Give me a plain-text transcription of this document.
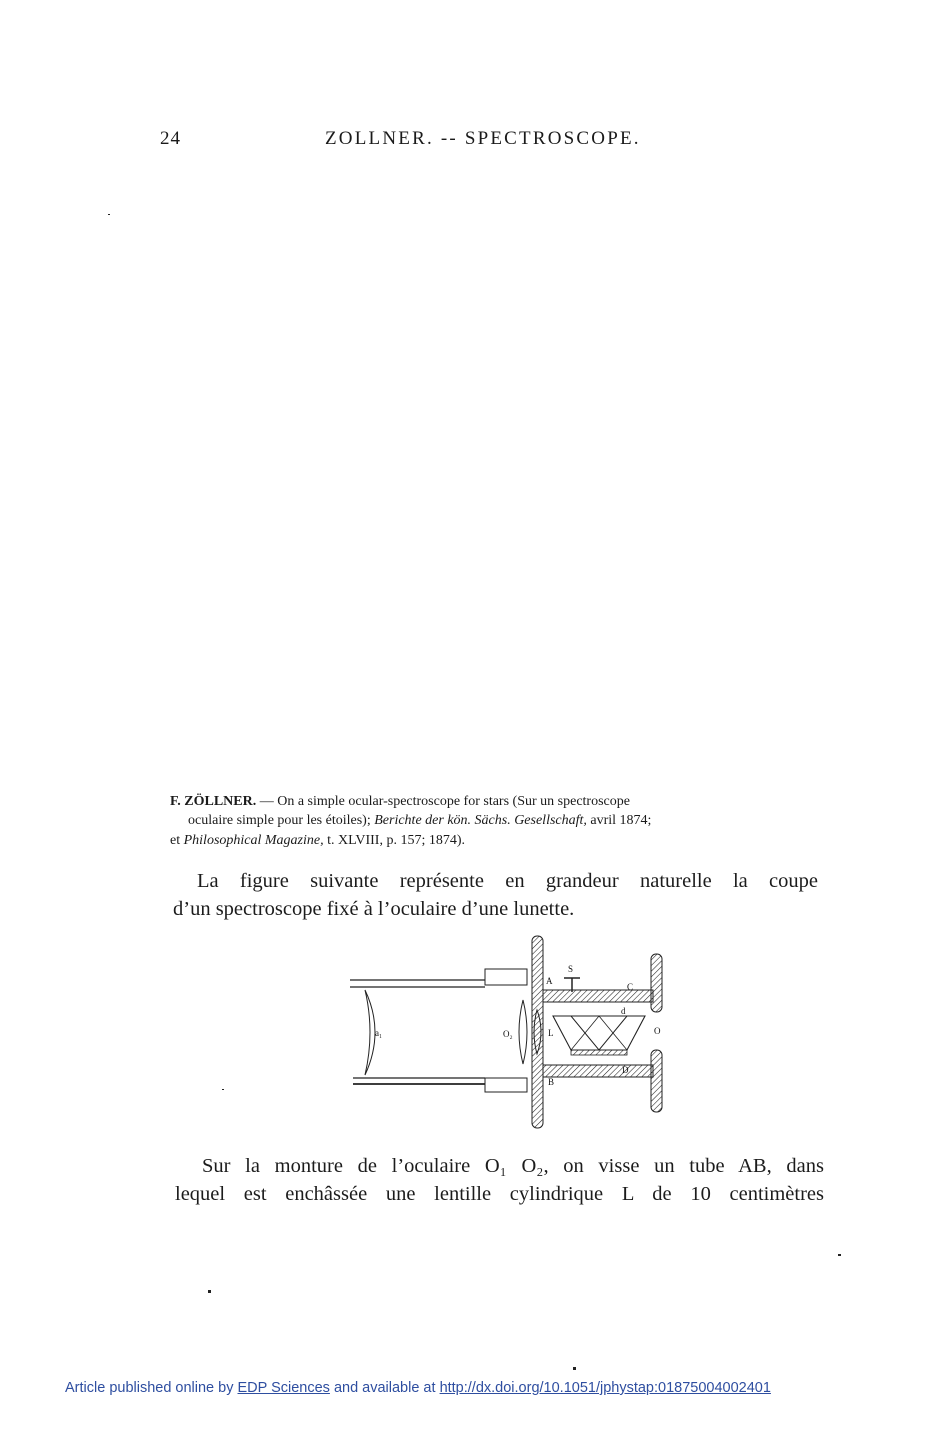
24	ZOLLNER. -- SPECTROSCOPE.
F. ZÖLLNER. — On a simple ocular-spectroscope for stars (Sur un spectroscope
oculaire simple pour les étoiles); Berichte der kön. Sächs. Gesellschaft, avril 1874;
et Philosophical Magazine, t. XLVIII, p. 157; 1874).
La figure suivante représente en grandeur naturelle la coupe
d’un spectroscope fixé à l’oculaire d’une lunette.
a₁
A
B
O₂	L
S
C
D
O
d
Sur la monture de l’oculaire O₁ O₂, on visse un tube AB, dans
lequel est enchâssée une lentille cylindrique L de 10 centimètres
Article published online by EDP Sciences and available at http://dx.doi.org/10.1051/jphystap:01875004002401
